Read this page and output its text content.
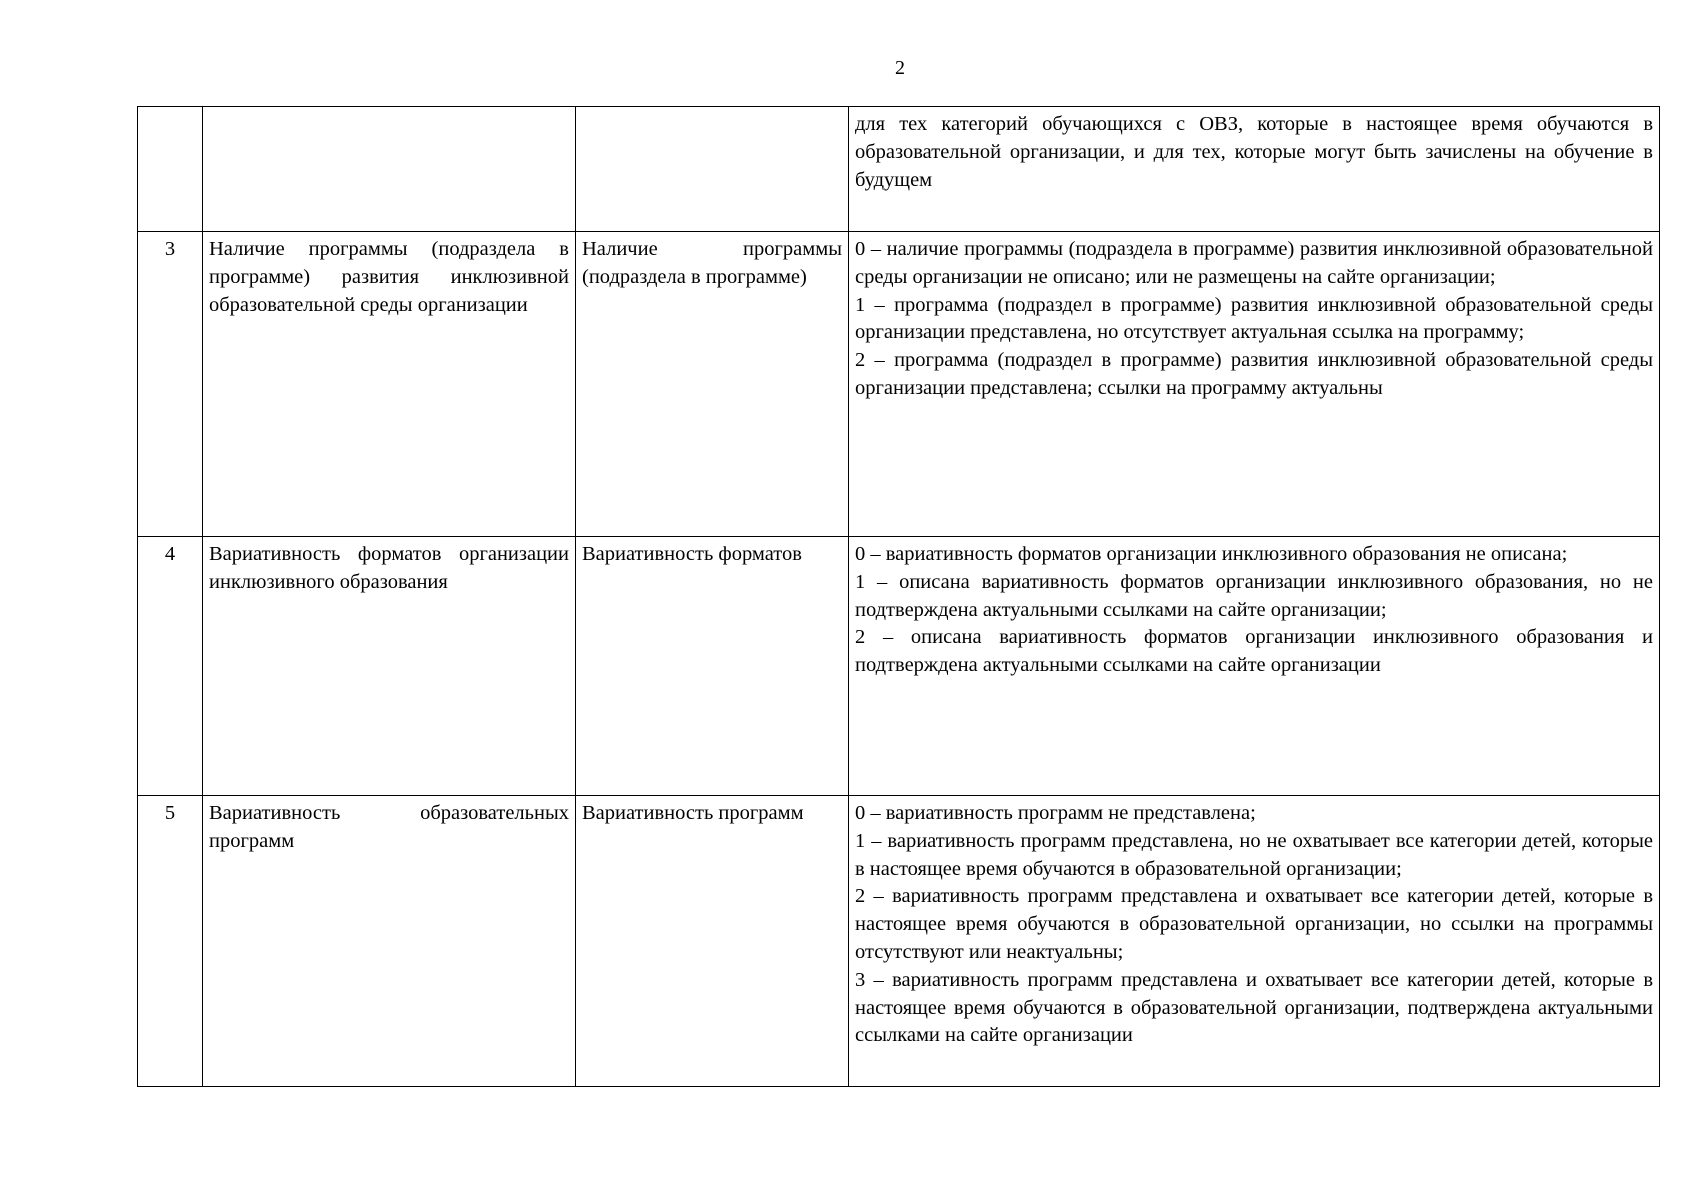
2

			для тех категорий обучающихся с ОВЗ, которые в настоящее время обучаются в образовательной организации, и для тех, которые могут быть зачислены на обучение в будущем

3	Наличие программы (подраздела в программе) развития инклюзивной образовательной среды организации	Наличие программы (подраздела в программе)	0 – наличие программы (подраздела в программе) развития инклюзивной образовательной среды организации не описано; или не размещены на сайте организации;
1 – программа (подраздел в программе) развития инклюзивной образовательной среды организации представлена, но отсутствует актуальная ссылка на программу;
2 – программа (подраздел в программе) развития инклюзивной образовательной среды организации представлена; ссылки на программу актуальны

4	Вариативность форматов организации инклюзивного образования	Вариативность форматов	0 – вариативность форматов организации инклюзивного образования не описана;
1 – описана вариативность форматов организации инклюзивного образования, но не подтверждена актуальными ссылками на сайте организации;
2 – описана вариативность форматов организации инклюзивного образования и подтверждена актуальными ссылками на сайте организации

5	Вариативность образовательных программ	Вариативность программ	0 – вариативность программ не представлена;
1 – вариативность программ представлена, но не охватывает все категории детей, которые в настоящее время обучаются в образовательной организации;
2 – вариативность программ представлена и охватывает все категории детей, которые в настоящее время обучаются в образовательной организации, но ссылки на программы отсутствуют или неактуальны;
3 – вариативность программ представлена и охватывает все категории детей, которые в настоящее время обучаются в образовательной организации, подтверждена актуальными ссылками на сайте организации
